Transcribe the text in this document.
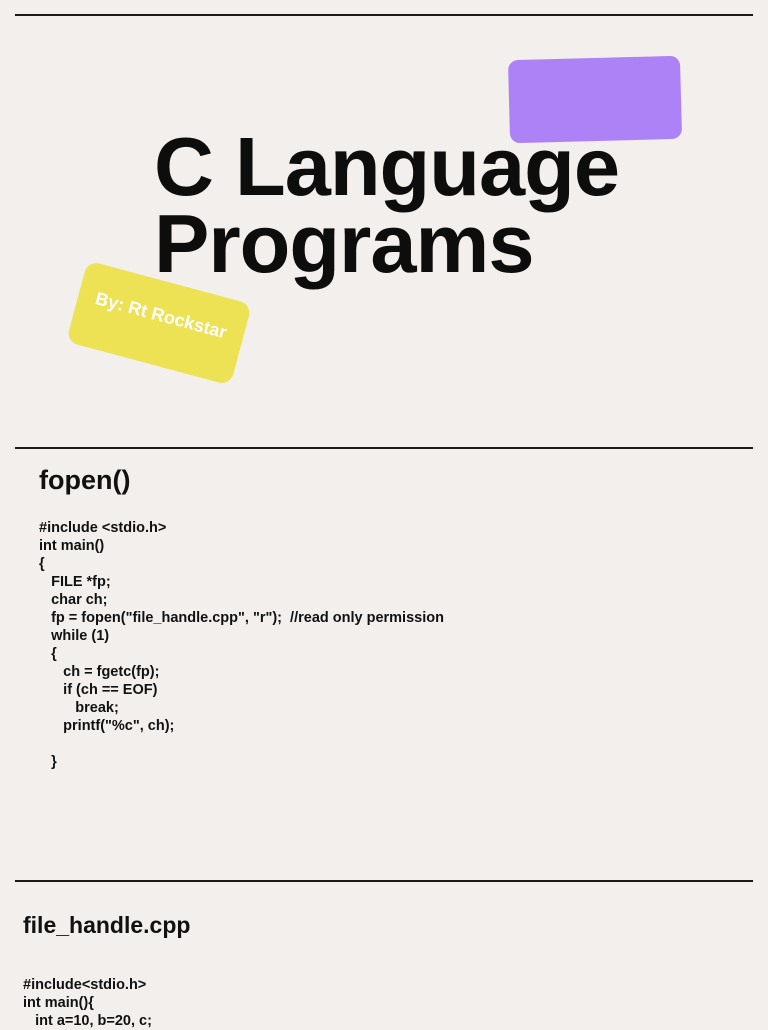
C Language
Programs
By: Rt Rockstar
fopen()
#include <stdio.h>
int main()
{
FILE *fp;
char ch;
fp = fopen("file_handle.cpp", "r");  //read only permission
while (1)
{
ch = fgetc(fp);
if (ch == EOF)
break;
printf("%c", ch);

}
file_handle.cpp
#include<stdio.h>
int main(){
int a=10, b=20, c;
